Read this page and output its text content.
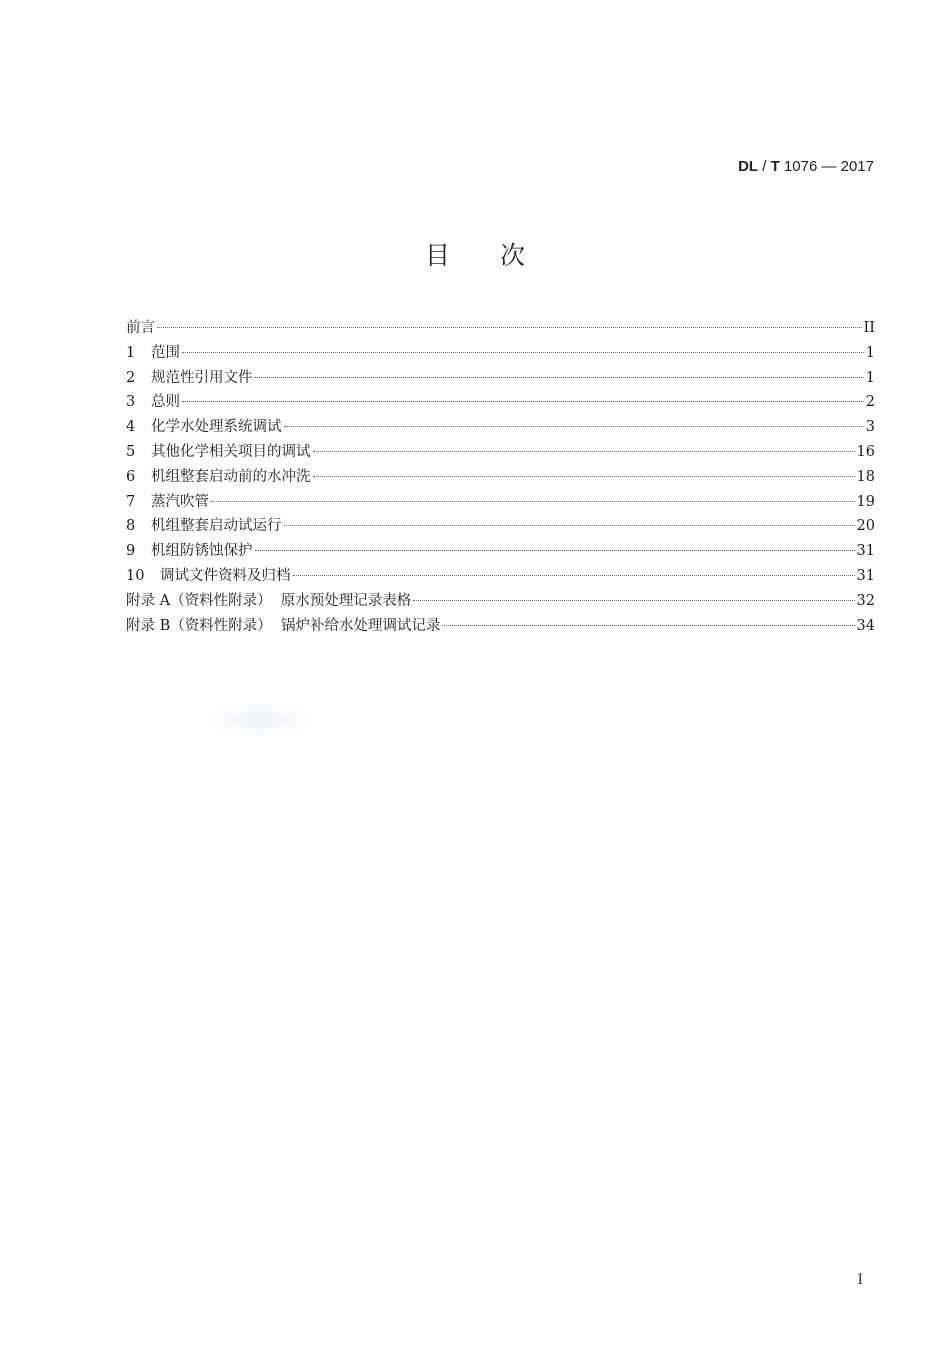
DL / T 1076 — 2017
目次
前言	II
1	范围	1
2	规范性引用文件	1
3	总则	2
4	化学水处理系统调试	3
5	其他化学相关项目的调试	16
6	机组整套启动前的水冲洗	18
7	蒸汽吹管	19
8	机组整套启动试运行	20
9	机组防锈蚀保护	31
10	调试文件资料及归档	31
附录 A（资料性附录）  原水预处理记录表格	32
附录 B（资料性附录）  锅炉补给水处理调试记录	34
I
